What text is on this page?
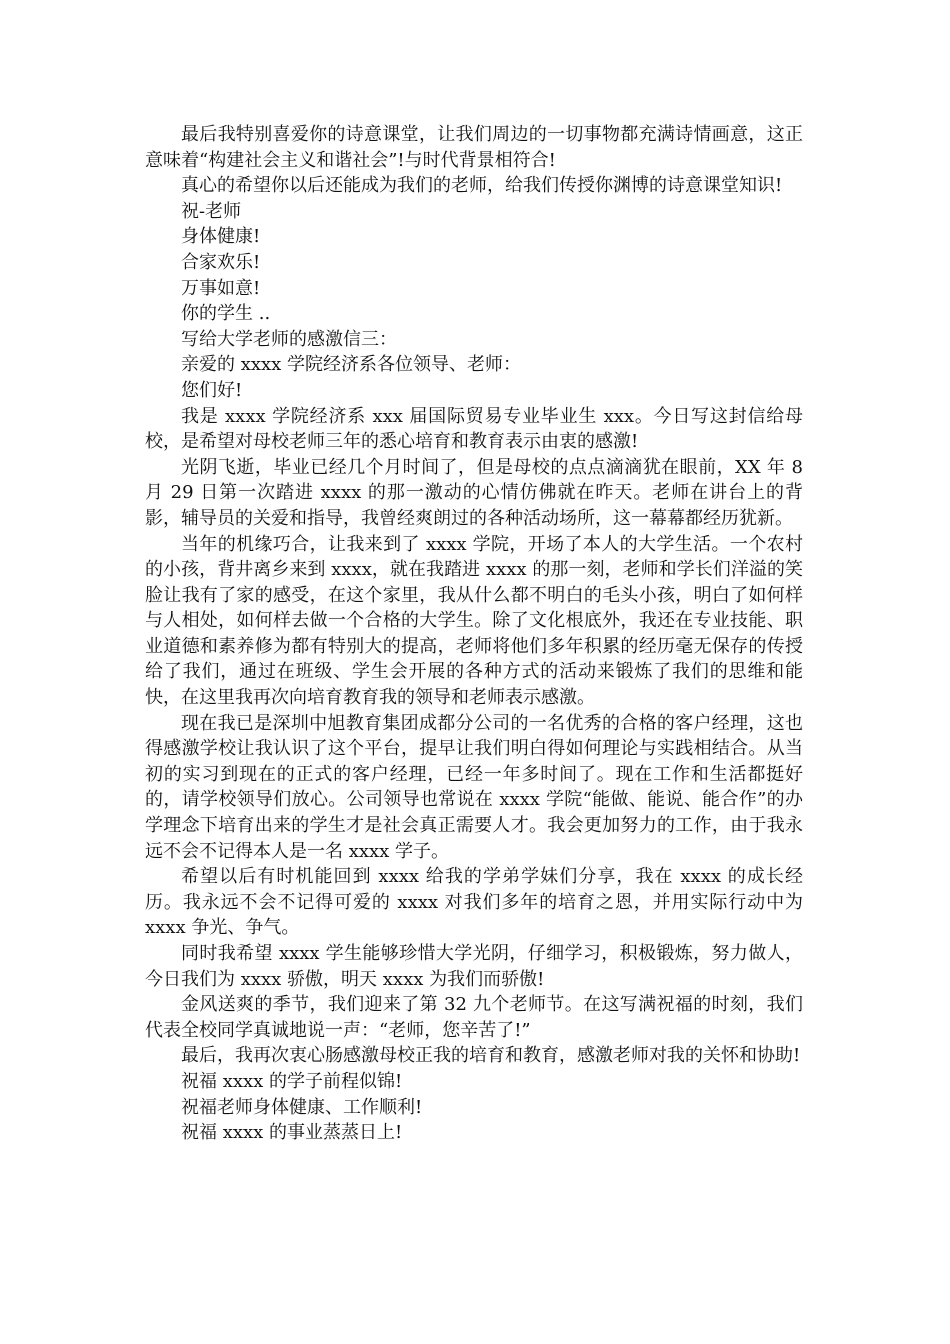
最后我特别喜爱你的诗意课堂，让我们周边的一切事物都充满诗情画意，这正意味着“构建社会主义和谐社会”!与时代背景相符合!

真心的希望你以后还能成为我们的老师，给我们传授你渊博的诗意课堂知识!

祝-老师

身体健康!

合家欢乐!

万事如意!

你的学生 ..

写给大学老师的感激信三：

亲爱的 xxxx 学院经济系各位领导、老师：

您们好!

我是 xxxx 学院经济系 xxx 届国际贸易专业毕业生 xxx。今日写这封信给母校，是希望对母校老师三年的悉心培育和教育表示由衷的感激!

光阴飞逝，毕业已经几个月时间了，但是母校的点点滴滴犹在眼前，XX 年 8 月 29 日第一次踏进 xxxx 的那一激动的心情仿佛就在昨天。老师在讲台上的背影，辅导员的关爱和指导，我曾经爽朗过的各种活动场所，这一幕幕都经历犹新。

当年的机缘巧合，让我来到了 xxxx 学院，开场了本人的大学生活。一个农村的小孩，背井离乡来到 xxxx，就在我踏进 xxxx 的那一刻，老师和学长们洋溢的笑脸让我有了家的感受，在这个家里，我从什么都不明白的毛头小孩，明白了如何样与人相处，如何样去做一个合格的大学生。除了文化根底外，我还在专业技能、职业道德和素养修为都有特别大的提高，老师将他们多年积累的经历毫无保存的传授给了我们，通过在班级、学生会开展的各种方式的活动来锻炼了我们的思维和能快，在这里我再次向培育教育我的领导和老师表示感激。

现在我已是深圳中旭教育集团成都分公司的一名优秀的合格的客户经理，这也得感激学校让我认识了这个平台，提早让我们明白得如何理论与实践相结合。从当初的实习到现在的正式的客户经理，已经一年多时间了。现在工作和生活都挺好的，请学校领导们放心。公司领导也常说在 xxxx 学院“能做、能说、能合作”的办学理念下培育出来的学生才是社会真正需要人才。我会更加努力的工作，由于我永远不会不记得本人是一名 xxxx 学子。

希望以后有时机能回到 xxxx 给我的学弟学妹们分享，我在 xxxx 的成长经历。我永远不会不记得可爱的 xxxx 对我们多年的培育之恩，并用实际行动中为 xxxx 争光、争气。

同时我希望 xxxx 学生能够珍惜大学光阴，仔细学习，积极锻炼，努力做人，今日我们为 xxxx 骄傲，明天 xxxx 为我们而骄傲!

金风送爽的季节，我们迎来了第 32 九个老师节。在这写满祝福的时刻，我们代表全校同学真诚地说一声：“老师，您辛苦了!”

最后，我再次衷心肠感激母校正我的培育和教育，感激老师对我的关怀和协助!

祝福 xxxx 的学子前程似锦!

祝福老师身体健康、工作顺利!

祝福 xxxx 的事业蒸蒸日上!
